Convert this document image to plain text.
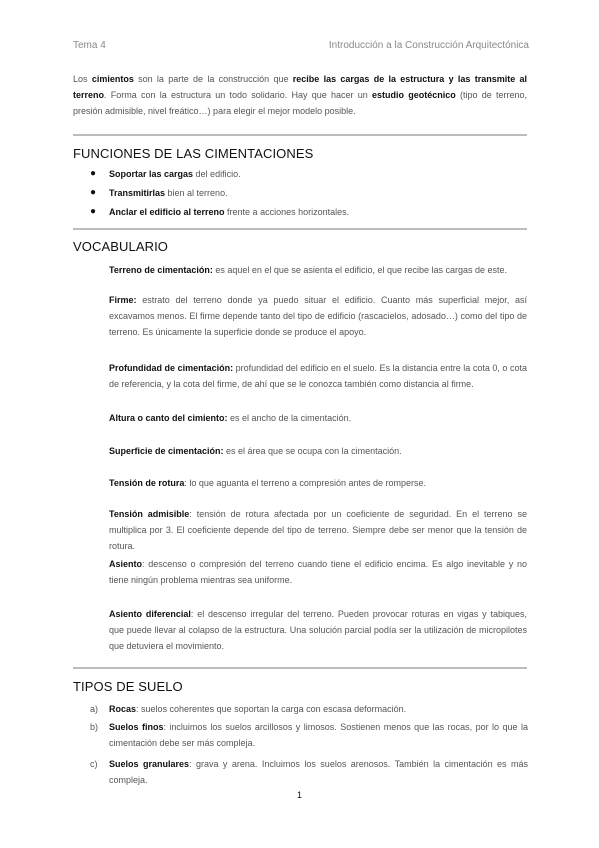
Tema 4	Introducción a la Construcción Arquitectónica
Los cimientos son la parte de la construcción que recibe las cargas de la estructura y las transmite al terreno. Forma con la estructura un todo solidario. Hay que hacer un estudio geotécnico (tipo de terreno, presión admisible, nivel freático…) para elegir el mejor modelo posible.
FUNCIONES DE LAS CIMENTACIONES
● Soportar las cargas del edificio.
● Transmitirlas bien al terreno.
● Anclar el edificio al terreno frente a acciones horizontales.
VOCABULARIO
Terreno de cimentación: es aquel en el que se asienta el edificio, el que recibe las cargas de este.
Firme: estrato del terreno donde ya puedo situar el edificio. Cuanto más superficial mejor, así excavamos menos. El firme depende tanto del tipo de edificio (rascacielos, adosado…) como del tipo de terreno. Es únicamente la superficie donde se produce el apoyo.
Profundidad de cimentación: profundidad del edificio en el suelo. Es la distancia entre la cota 0, o cota de referencia, y la cota del firme, de ahí que se le conozca también como distancia al firme.
Altura o canto del cimiento: es el ancho de la cimentación.
Superficie de cimentación: es el área que se ocupa con la cimentación.
Tensión de rotura: lo que aguanta el terreno a compresión antes de romperse.
Tensión admisible: tensión de rotura afectada por un coeficiente de seguridad. En el terreno se multiplica por 3. El coeficiente depende del tipo de terreno. Siempre debe ser menor que la tensión de rotura.
Asiento: descenso o compresión del terreno cuando tiene el edificio encima. Es algo inevitable y no tiene ningún problema mientras sea uniforme.
Asiento diferencial: el descenso irregular del terreno. Pueden provocar roturas en vigas y tabiques, que puede llevar al colapso de la estructura. Una solución parcial podía ser la utilización de micropilotes que detuviera el movimiento.
TIPOS DE SUELO
a) Rocas: suelos coherentes que soportan la carga con escasa deformación.
b) Suelos finos: incluimos los suelos arcillosos y limosos. Sostienen menos que las rocas, por lo que la cimentación debe ser más compleja.
c) Suelos granulares: grava y arena. Incluimos los suelos arenosos. También la cimentación es más compleja.
1
